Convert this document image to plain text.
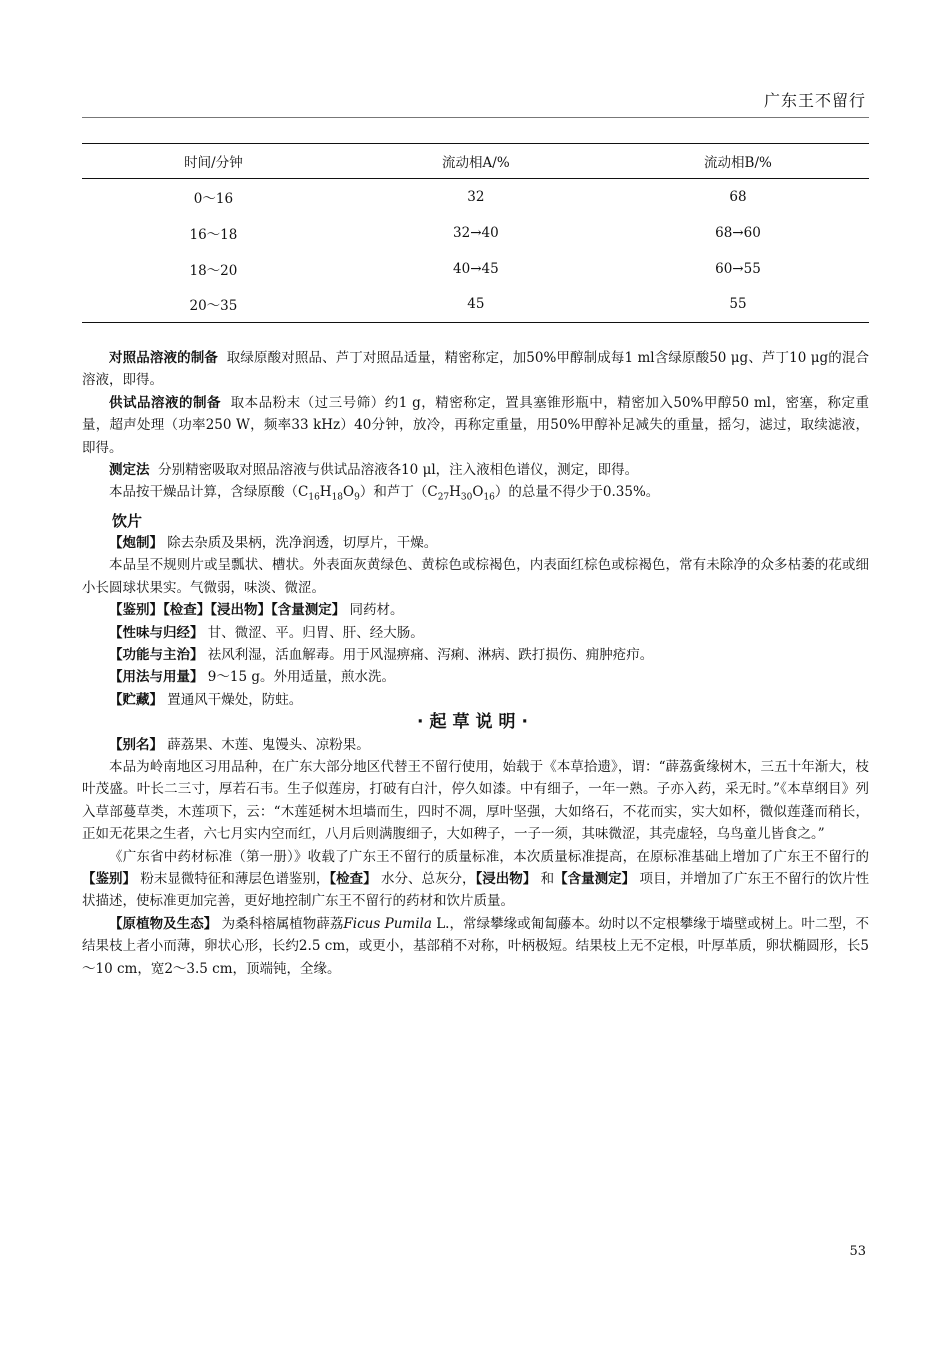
广东王不留行
时间/分钟	流动相A/%	流动相B/%
0～16	32	68
16～18	32→40	68→60
18～20	40→45	60→55
20～35	45	55

对照品溶液的制备 取绿原酸对照品、芦丁对照品适量，精密称定，加50%甲醇制成每1 ml含绿原酸50 μg、芦丁10 μg的混合溶液，即得。

供试品溶液的制备 取本品粉末（过三号筛）约1 g，精密称定，置具塞锥形瓶中，精密加入50%甲醇50 ml，密塞，称定重量，超声处理（功率250 W，频率33 kHz）40分钟，放冷，再称定重量，用50%甲醇补足减失的重量，摇匀，滤过，取续滤液，即得。

测定法 分别精密吸取对照品溶液与供试品溶液各10 μl，注入液相色谱仪，测定，即得。

本品按干燥品计算，含绿原酸$(C_{16}H_{18}O_9)$和芦丁$(C_{27}H_{30}O_{16})$的总量不得少于0.35%。

饮片

【炮制】 除去杂质及果柄，洗净润透，切厚片，干燥。

本品呈不规则片或呈瓢状、槽状。外表面灰黄绿色、黄棕色或棕褐色，内表面红棕色或棕褐色，常有未除净的众多枯萎的花或细小长圆球状果实。气微弱，味淡、微涩。

【鉴别】【检查】【浸出物】【含量测定】 同药材。

【性味与归经】 甘、微涩、平。归胃、肝、经大肠。

【功能与主治】 祛风利湿，活血解毒。用于风湿痹痛、泻痢、淋病、跌打损伤、痈肿疮疖。

【用法与用量】 9～15 g。外用适量，煎水洗。

【贮藏】 置通风干燥处，防蛀。

·起草说明·

【别名】 薜荔果、木莲、鬼馒头、凉粉果。

本品为岭南地区习用品种，在广东大部分地区代替王不留行使用，始载于《本草拾遗》，谓：“薜荔夤缘树木，三五十年渐大，枝叶茂盛。叶长二三寸，厚若石韦。生子似莲房，打破有白汁，停久如漆。中有细子，一年一熟。子亦入药，采无时。”《本草纲目》列入草部蔓草类，木莲项下，云：“木莲延树木坦墙而生，四时不凋，厚叶坚强，大如络石，不花而实，实大如杯，微似莲蓬而稍长，正如无花果之生者，六七月实内空而红，八月后则满腹细子，大如稗子，一子一须，其味微涩，其壳虚轻，乌鸟童儿皆食之。”

《广东省中药材标准（第一册）》收载了广东王不留行的质量标准，本次质量标准提高，在原标准基础上增加了广东王不留行的【鉴别】 粉末显微特征和薄层色谱鉴别，【检查】 水分、总灰分，【浸出物】 和【含量测定】 项目，并增加了广东王不留行的饮片性状描述，使标准更加完善，更好地控制广东王不留行的药材和饮片质量。

【原植物及生态】 为桑科榕属植物薜荔Ficus Pumila L.，常绿攀缘或匍匐藤本。幼时以不定根攀缘于墙壁或树上。叶二型，不结果枝上者小而薄，卵状心形，长约2.5 cm，或更小，基部稍不对称，叶柄极短。结果枝上无不定根，叶厚革质，卵状椭圆形，长5～10 cm，宽2～3.5 cm，顶端钝，全缘。

53
